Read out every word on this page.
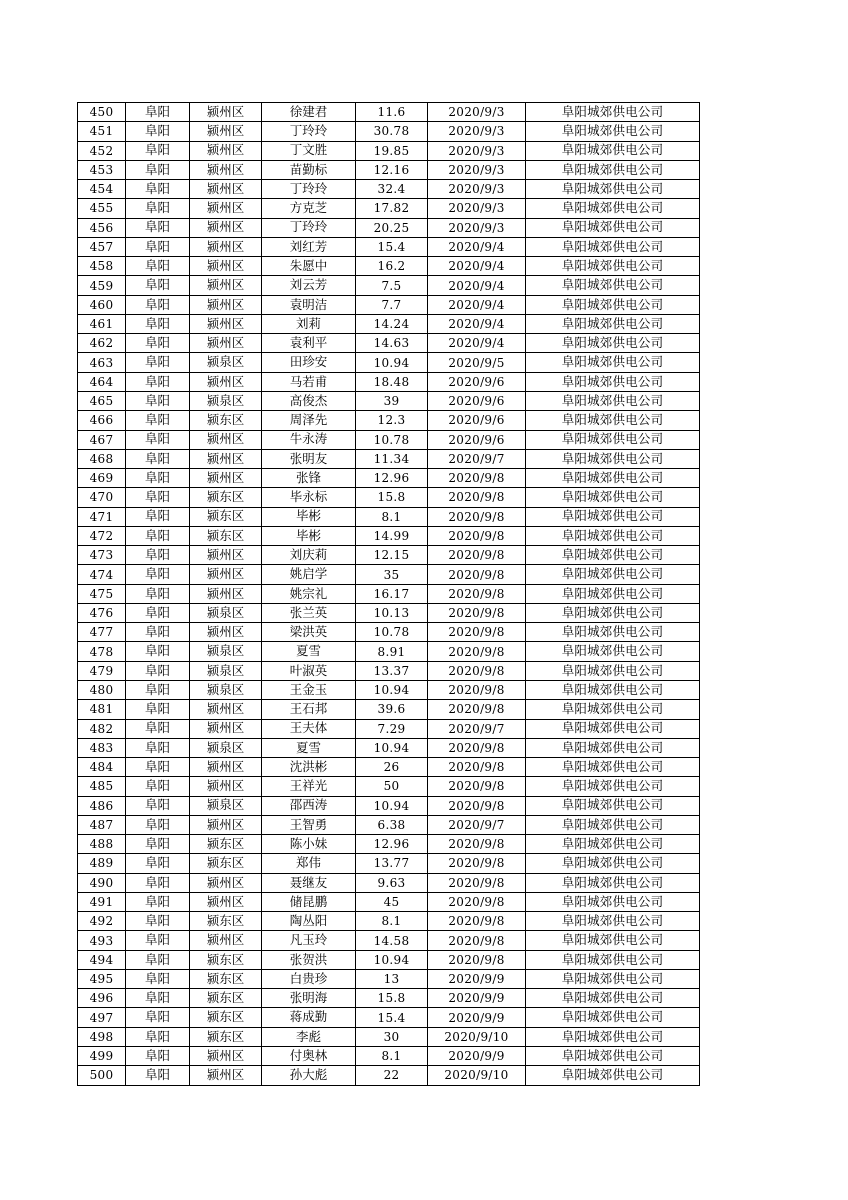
450	阜阳	颍州区	徐建君	11.6	2020/9/3	阜阳城郊供电公司
451	阜阳	颍州区	丁玲玲	30.78	2020/9/3	阜阳城郊供电公司
452	阜阳	颍州区	丁文胜	19.85	2020/9/3	阜阳城郊供电公司
453	阜阳	颍州区	苗勤标	12.16	2020/9/3	阜阳城郊供电公司
454	阜阳	颍州区	丁玲玲	32.4	2020/9/3	阜阳城郊供电公司
455	阜阳	颍州区	方克芝	17.82	2020/9/3	阜阳城郊供电公司
456	阜阳	颍州区	丁玲玲	20.25	2020/9/3	阜阳城郊供电公司
457	阜阳	颍州区	刘红芳	15.4	2020/9/4	阜阳城郊供电公司
458	阜阳	颍州区	朱愿中	16.2	2020/9/4	阜阳城郊供电公司
459	阜阳	颍州区	刘云芳	7.5	2020/9/4	阜阳城郊供电公司
460	阜阳	颍州区	袁明洁	7.7	2020/9/4	阜阳城郊供电公司
461	阜阳	颍州区	刘莉	14.24	2020/9/4	阜阳城郊供电公司
462	阜阳	颍州区	袁利平	14.63	2020/9/4	阜阳城郊供电公司
463	阜阳	颍泉区	田珍安	10.94	2020/9/5	阜阳城郊供电公司
464	阜阳	颍州区	马若甫	18.48	2020/9/6	阜阳城郊供电公司
465	阜阳	颍泉区	高俊杰	39	2020/9/6	阜阳城郊供电公司
466	阜阳	颍东区	周泽先	12.3	2020/9/6	阜阳城郊供电公司
467	阜阳	颍州区	牛永涛	10.78	2020/9/6	阜阳城郊供电公司
468	阜阳	颍州区	张明友	11.34	2020/9/7	阜阳城郊供电公司
469	阜阳	颍州区	张锋	12.96	2020/9/8	阜阳城郊供电公司
470	阜阳	颍东区	毕永标	15.8	2020/9/8	阜阳城郊供电公司
471	阜阳	颍东区	毕彬	8.1	2020/9/8	阜阳城郊供电公司
472	阜阳	颍东区	毕彬	14.99	2020/9/8	阜阳城郊供电公司
473	阜阳	颍州区	刘庆莉	12.15	2020/9/8	阜阳城郊供电公司
474	阜阳	颍州区	姚启学	35	2020/9/8	阜阳城郊供电公司
475	阜阳	颍州区	姚宗礼	16.17	2020/9/8	阜阳城郊供电公司
476	阜阳	颍泉区	张兰英	10.13	2020/9/8	阜阳城郊供电公司
477	阜阳	颍州区	梁洪英	10.78	2020/9/8	阜阳城郊供电公司
478	阜阳	颍泉区	夏雪	8.91	2020/9/8	阜阳城郊供电公司
479	阜阳	颍泉区	叶淑英	13.37	2020/9/8	阜阳城郊供电公司
480	阜阳	颍泉区	王金玉	10.94	2020/9/8	阜阳城郊供电公司
481	阜阳	颍州区	王石邦	39.6	2020/9/8	阜阳城郊供电公司
482	阜阳	颍州区	王夫体	7.29	2020/9/7	阜阳城郊供电公司
483	阜阳	颍泉区	夏雪	10.94	2020/9/8	阜阳城郊供电公司
484	阜阳	颍州区	沈洪彬	26	2020/9/8	阜阳城郊供电公司
485	阜阳	颍州区	王祥光	50	2020/9/8	阜阳城郊供电公司
486	阜阳	颍泉区	邵西涛	10.94	2020/9/8	阜阳城郊供电公司
487	阜阳	颍州区	王智勇	6.38	2020/9/7	阜阳城郊供电公司
488	阜阳	颍东区	陈小妹	12.96	2020/9/8	阜阳城郊供电公司
489	阜阳	颍东区	郑伟	13.77	2020/9/8	阜阳城郊供电公司
490	阜阳	颍州区	聂继友	9.63	2020/9/8	阜阳城郊供电公司
491	阜阳	颍州区	储昆鹏	45	2020/9/8	阜阳城郊供电公司
492	阜阳	颍东区	陶丛阳	8.1	2020/9/8	阜阳城郊供电公司
493	阜阳	颍州区	凡玉玲	14.58	2020/9/8	阜阳城郊供电公司
494	阜阳	颍东区	张贺洪	10.94	2020/9/8	阜阳城郊供电公司
495	阜阳	颍东区	白贵珍	13	2020/9/9	阜阳城郊供电公司
496	阜阳	颍东区	张明海	15.8	2020/9/9	阜阳城郊供电公司
497	阜阳	颍东区	蒋成勤	15.4	2020/9/9	阜阳城郊供电公司
498	阜阳	颍东区	李彪	30	2020/9/10	阜阳城郊供电公司
499	阜阳	颍州区	付奥林	8.1	2020/9/9	阜阳城郊供电公司
500	阜阳	颍州区	孙大彪	22	2020/9/10	阜阳城郊供电公司
